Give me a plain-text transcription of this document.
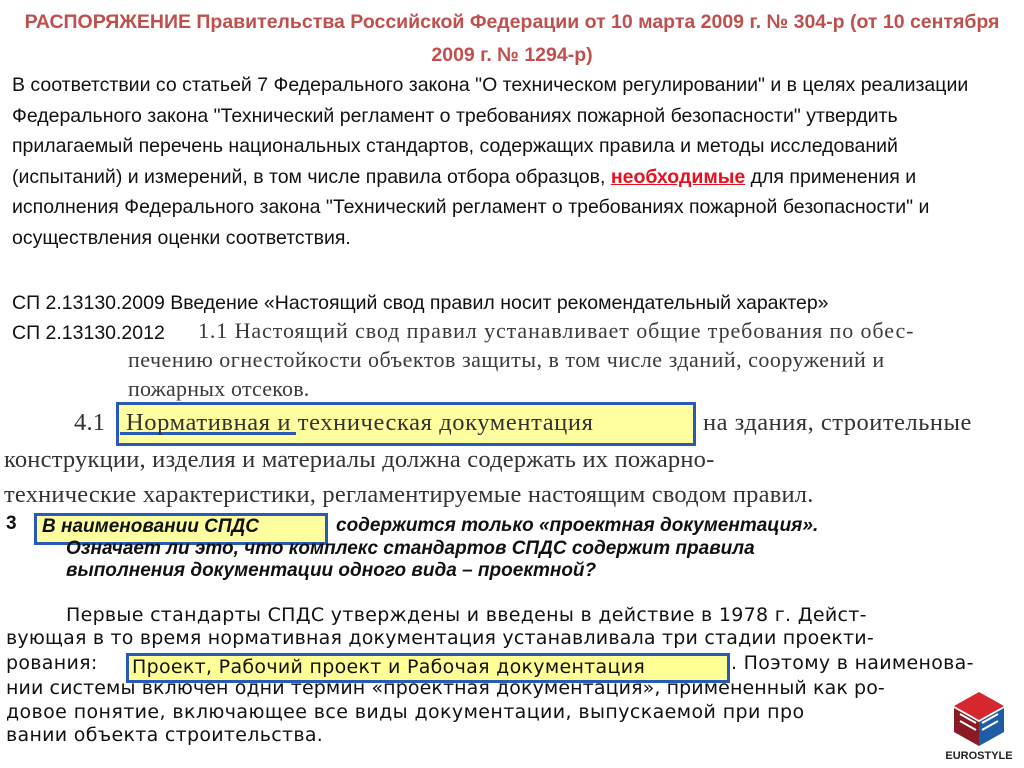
РАСПОРЯЖЕНИЕ Правительства Российской Федерации от 10 марта 2009 г. № 304-р (от 10 сентября 2009 г. № 1294-р)
В соответствии со статьей 7 Федерального закона "О техническом регулировании" и в целях реализации Федерального закона "Технический регламент о требованиях пожарной безопасности" утвердить прилагаемый перечень национальных стандартов, содержащих правила и методы исследований (испытаний) и измерений, в том числе правила отбора образцов, необходимые для применения и исполнения Федерального закона "Технический регламент о требованиях пожарной безопасности" и осуществления оценки соответствия.
СП 2.13130.2009 Введение «Настоящий свод правил носит рекомендательный характер»
СП 2.13130.2012 1.1 Настоящий свод правил устанавливает общие требования по обес-
печению огнестойкости объектов защиты, в том числе зданий, сооружений и
пожарных отсеков.
4.1 Нормативная и техническая документация	на здания, строительные
конструкции, изделия и материалы должна содержать их пожарно-
технические характеристики, регламентируемые настоящим сводом правил.
3 В наименовании СПДС	содержится только «проектная документация».
Означает ли это, что комплекс стандартов СПДС содержит правила
выполнения документации одного вида – проектной?
Первые стандарты СПДС утверждены и введены в действие в 1978 г. Дейст-
вующая в то время нормативная документация устанавливала три стадии проекти-
рования: Проект, Рабочий проект и Рабочая документация	. Поэтому в наименова-
нии системы включен одни термин «проектная документация», примененный как ро-
довое понятие, включающее все виды документации, выпускаемой при про
вании объекта строительства.
EUROSTYLE
